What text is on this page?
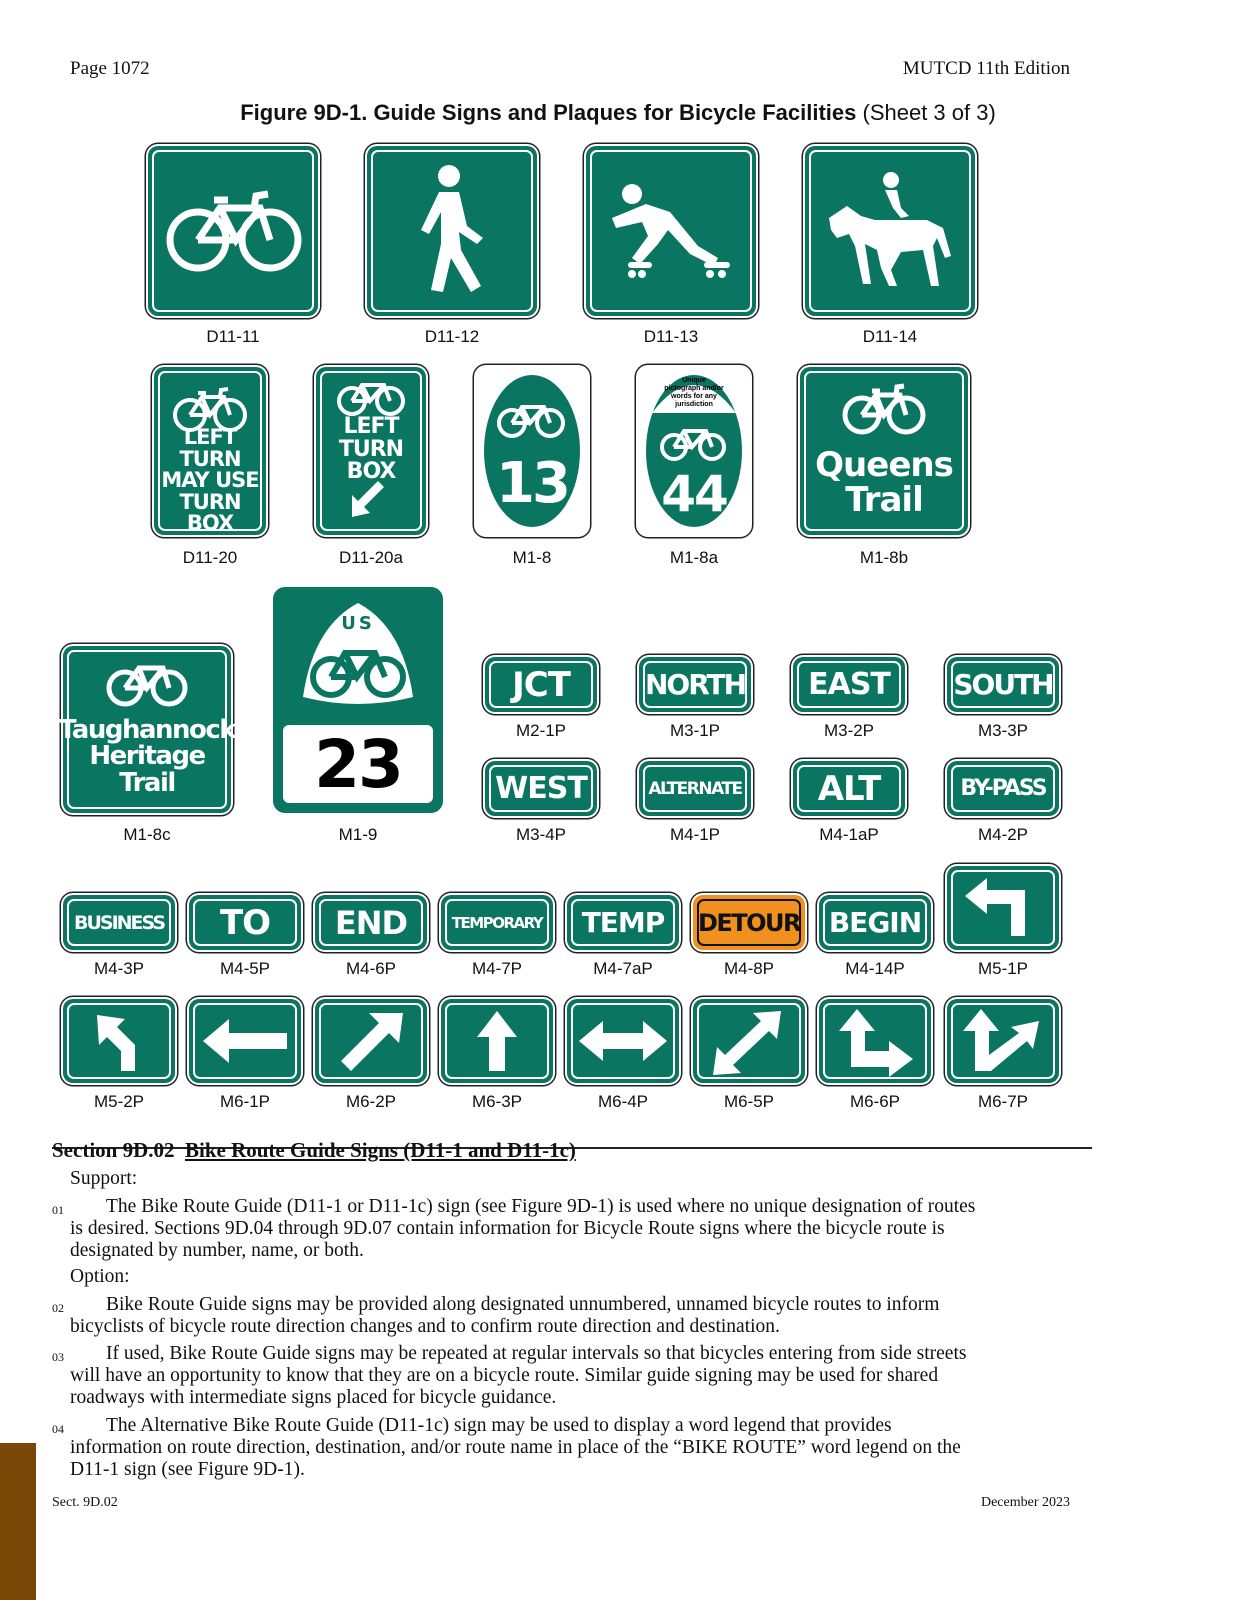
Page 1072	MUTCD 11th Edition
Figure 9D-1. Guide Signs and Plaques for Bicycle Facilities (Sheet 3 of 3)
D11-11	D11-12	D11-13	D11-14
LEFT TURN
MAY USE
TURN BOX
D11-20
LEFT
TURN
BOX
D11-20a
13
M1-8
Unique pictograph and/or words for any jurisdiction
44
M1-8a
Queens
Trail
M1-8b
Taughannock
Heritage
Trail
M1-8c
US
23
M1-9
JCT
M2-1P
NORTH
M3-1P
EAST
M3-2P
SOUTH
M3-3P
WEST
M3-4P
ALTERNATE
M4-1P
ALT
M4-1aP
BY-PASS
M4-2P
BUSINESS
M4-3P
TO
M4-5P
END
M4-6P
TEMPORARY
M4-7P
TEMP
M4-7aP
DETOUR
M4-8P
BEGIN
M4-14P	M5-1P
M5-2P	M6-1P	M6-2P	M6-3P	M6-4P	M6-5P	M6-6P	M6-7P
Section 9D.02 Bike Route Guide Signs (D11-1 and D11-1c)
Support:
01	The Bike Route Guide (D11-1 or D11-1c) sign (see Figure 9D-1) is used where no unique designation of routes
is desired. Sections 9D.04 through 9D.07 contain information for Bicycle Route signs where the bicycle route is
designated by number, name, or both.
Option:
02	Bike Route Guide signs may be provided along designated unnumbered, unnamed bicycle routes to inform
bicyclists of bicycle route direction changes and to confirm route direction and destination.
03	If used, Bike Route Guide signs may be repeated at regular intervals so that bicycles entering from side streets
will have an opportunity to know that they are on a bicycle route. Similar guide signing may be used for shared
roadways with intermediate signs placed for bicycle guidance.
04	The Alternative Bike Route Guide (D11-1c) sign may be used to display a word legend that provides
information on route direction, destination, and/or route name in place of the “BIKE ROUTE” word legend on the
D11-1 sign (see Figure 9D-1).
Sect. 9D.02	December 2023
